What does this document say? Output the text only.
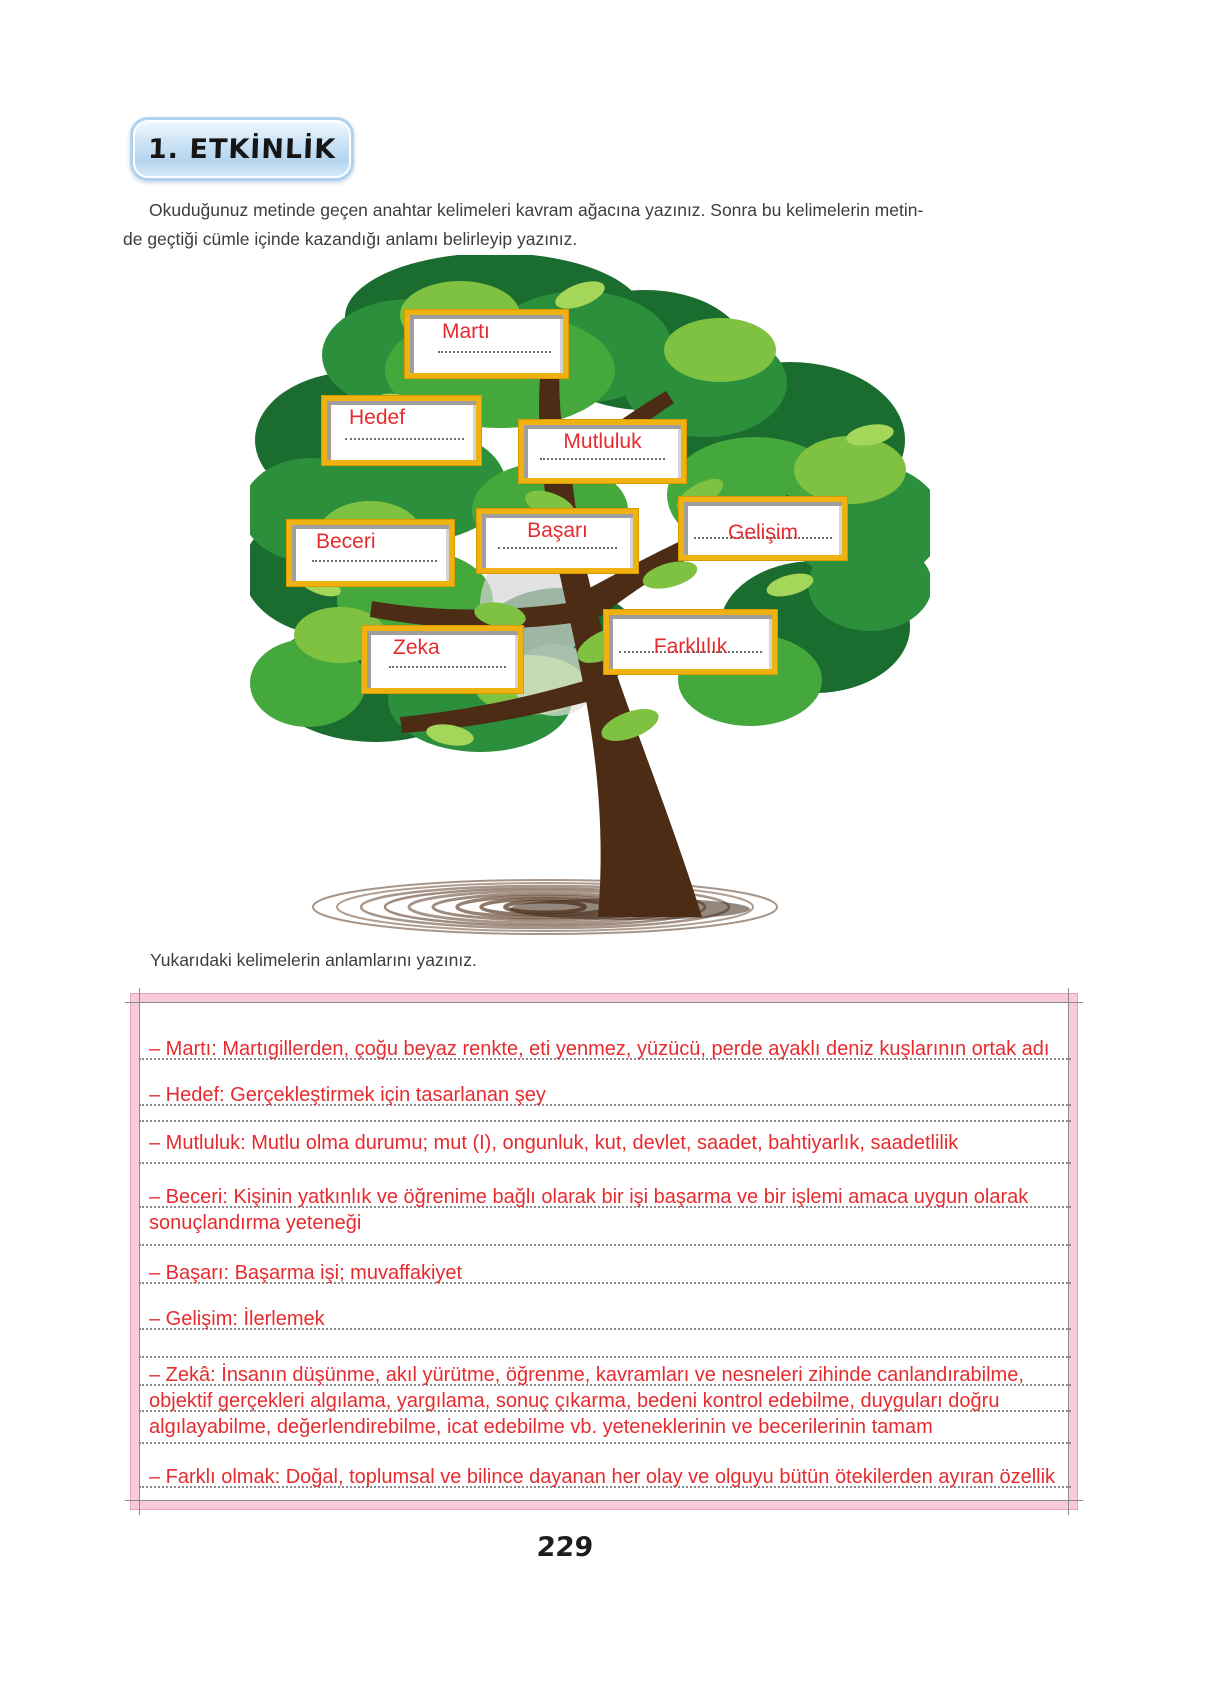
1. ETKİNLİK
Okuduğunuz metinde geçen anahtar kelimeleri kavram ağacına yazınız. Sonra bu kelimelerin metin-
de geçtiği cümle içinde kazandığı anlamı belirleyip yazınız.
Martı
Hedef
Mutluluk
Gelişim
Beceri	Başarı
Zeka	Farklılık
Yukarıdaki kelimelerin anlamlarını yazınız.
– Martı: Martıgillerden, çoğu beyaz renkte, eti yenmez, yüzücü, perde ayaklı deniz kuşlarının ortak adı
– Hedef: Gerçekleştirmek için tasarlanan şey
– Mutluluk: Mutlu olma durumu; mut (I), ongunluk, kut, devlet, saadet, bahtiyarlık, saadetlilik
– Beceri: Kişinin yatkınlık ve öğrenime bağlı olarak bir işi başarma ve bir işlemi amaca uygun olarak
sonuçlandırma yeteneği
– Başarı: Başarma işi; muvaffakiyet
– Gelişim: İlerlemek
– Zekâ: İnsanın düşünme, akıl yürütme, öğrenme, kavramları ve nesneleri zihinde canlandırabilme,
objektif gerçekleri algılama, yargılama, sonuç çıkarma, bedeni kontrol edebilme, duyguları doğru
algılayabilme, değerlendirebilme, icat edebilme vb. yeteneklerinin ve becerilerinin tamam
– Farklı olmak: Doğal, toplumsal ve bilince dayanan her olay ve olguyu bütün ötekilerden ayıran özellik
229
